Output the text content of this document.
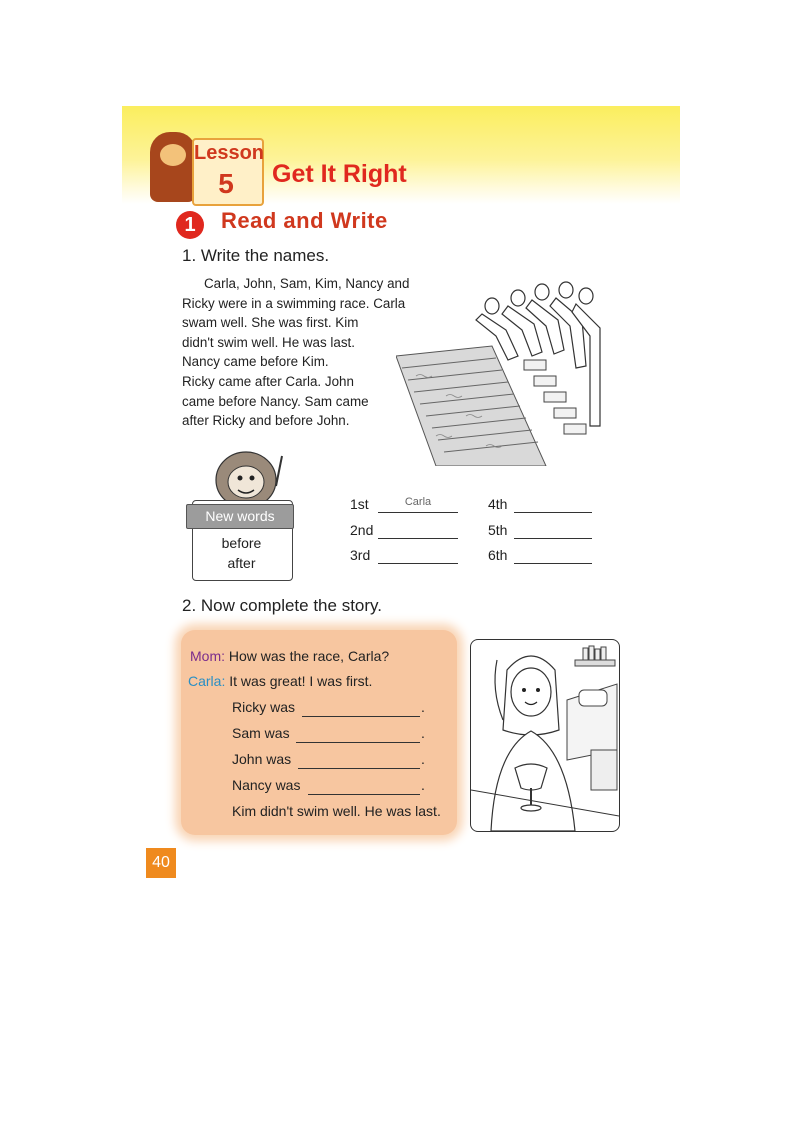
Lesson
5	Get It Right
1	Read and Write
1. Write the names.

Carla, John, Sam, Kim, Nancy and

Ricky were in a swimming race. Carla

swam well. She was first. Kim

didn't swim well. He was last.

Nancy came before Kim.

Ricky came after Carla. John

came before Nancy. Sam came

after Ricky and before John.

New words
before
after
1st	Carla
2nd
3rd
4th
5th
6th
2. Now complete the story.
Mom: How was the race, Carla?
Carla: It was great! I was first.
Ricky was	.
Sam was	.
John was	.
Nancy was	.
Kim didn't swim well. He was last.
40
